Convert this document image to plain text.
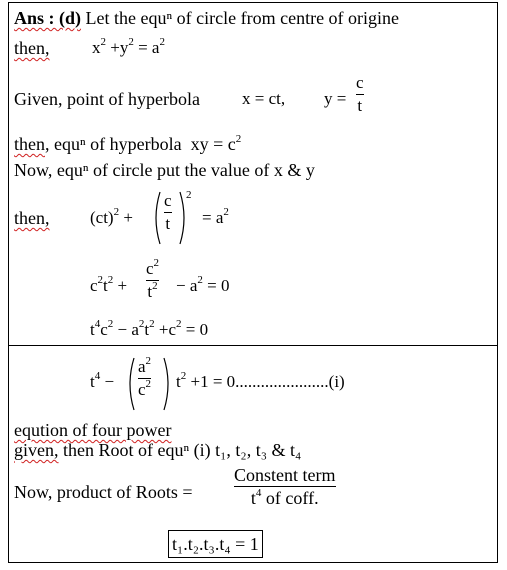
Ans : (d) Let the equⁿ of circle from centre of origine
then,	$x^2 +y^2 = a^2$
Given, point of hyperbola x = ct, y =
c
t
then, equⁿ of hyperbola xy = $c^2$
Now, equⁿ of circle put the value of x & y
then, (ct)$^2$ +
c
t
2
= $a^2$
$c^2t^2$ +
$c^2$
$t^2 - a^2 = 0$
$t^4c^2 - a^2t^2 +c^2 = 0$
$t^4$ −
$a^2$
$c^2$ $t^2 +1 = 0......................(i)$
eqution of four power
given, then Root of equⁿ (i) t₁, t₂, t₃ & t₄
Now, product of Roots =
Constent term
$t^4$ of coff.
t₁.t₂.t₃.t₄ = 1
